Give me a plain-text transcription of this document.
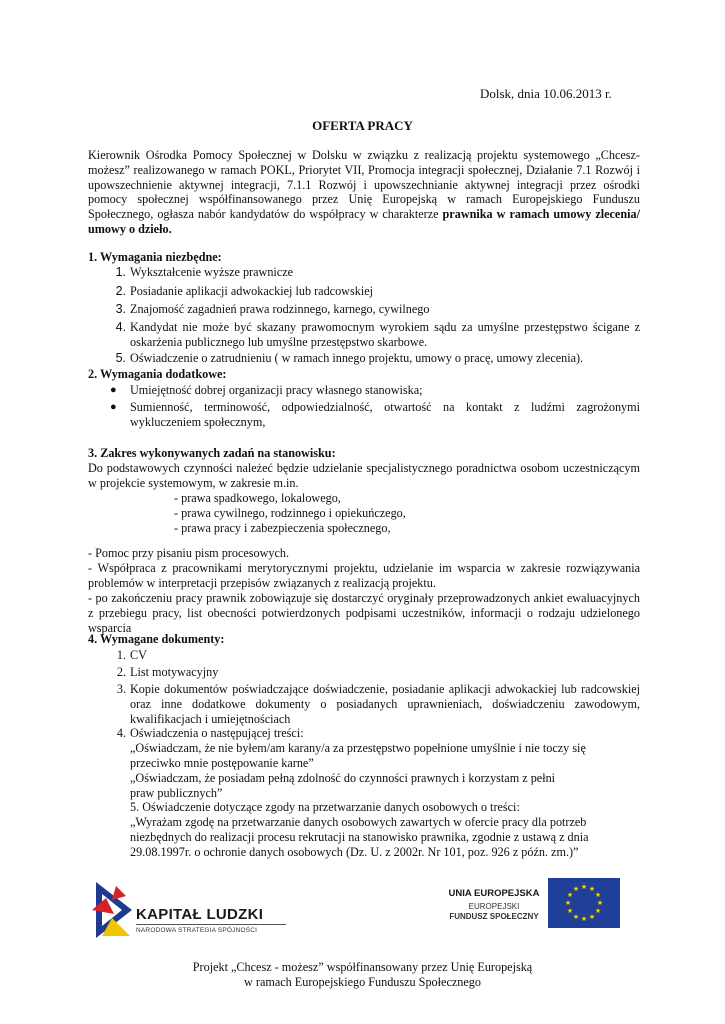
Dolsk, dnia 10.06.2013 r.
OFERTA PRACY
Kierownik Ośrodka Pomocy Społecznej w Dolsku w związku z realizacją projektu systemowego „Chcesz-możesz” realizowanego w ramach POKL, Priorytet VII, Promocja integracji społecznej, Działanie 7.1 Rozwój i upowszechnienie aktywnej integracji, 7.1.1 Rozwój i upowszechnianie aktywnej integracji przez ośrodki pomocy społecznej współfinansowanego przez Unię Europejską w ramach Europejskiego Funduszu Społecznego, ogłasza nabór kandydatów do współpracy w charakterze prawnika w ramach umowy zlecenia/ umowy o dzieło.
1. Wymagania niezbędne:
1. Wykształcenie wyższe prawnicze
2. Posiadanie aplikacji adwokackiej lub radcowskiej
3. Znajomość zagadnień prawa rodzinnego, karnego, cywilnego
4. Kandydat nie może być skazany prawomocnym wyrokiem sądu za umyślne przestępstwo ścigane z oskarżenia publicznego lub umyślne przestępstwo skarbowe.
5. Oświadczenie o zatrudnieniu ( w ramach innego projektu, umowy o pracę, umowy zlecenia).
2. Wymagania dodatkowe:
● Umiejętność dobrej organizacji pracy własnego stanowiska;
● Sumienność, terminowość, odpowiedzialność, otwartość na kontakt z ludźmi zagrożonymi wykluczeniem społecznym,
3. Zakres wykonywanych zadań na stanowisku:
Do podstawowych czynności należeć będzie udzielanie specjalistycznego poradnictwa osobom uczestniczącym w projekcie systemowym, w zakresie m.in.
- prawa spadkowego, lokalowego,
- prawa cywilnego, rodzinnego i opiekuńczego,
- prawa pracy i zabezpieczenia społecznego,
- Pomoc przy pisaniu pism procesowych.
- Współpraca z pracownikami merytorycznymi projektu, udzielanie im wsparcia w zakresie rozwiązywania problemów w interpretacji przepisów związanych z realizacją projektu.
- po zakończeniu pracy prawnik zobowiązuje się dostarczyć oryginały przeprowadzonych ankiet ewaluacyjnych z przebiegu pracy, list obecności potwierdzonych podpisami uczestników, informacji o rodzaju udzielonego wsparcia
4. Wymagane dokumenty:
1. CV
2. List motywacyjny
3. Kopie dokumentów poświadczające doświadczenie, posiadanie aplikacji adwokackiej lub radcowskiej oraz inne dodatkowe dokumenty o posiadanych uprawnieniach, doświadczeniu zawodowym, kwalifikacjach i umiejętnościach
4. Oświadczenia o następującej treści:
„Oświadczam, że nie byłem/am karany/a za przestępstwo popełnione umyślnie i nie toczy się przeciwko mnie postępowanie karne”
„Oświadczam, że posiadam pełną zdolność do czynności prawnych i korzystam z pełni praw publicznych”
5. Oświadczenie dotyczące zgody na przetwarzanie danych osobowych o treści:
„Wyrażam zgodę na przetwarzanie danych osobowych zawartych w ofercie pracy dla potrzeb niezbędnych do realizacji procesu rekrutacji na stanowisko prawnika, zgodnie z ustawą z dnia 29.08.1997r. o ochronie danych osobowych (Dz. U. z 2002r. Nr 101, poz. 926 z późn. zm.)”
KAPITAŁ LUDZKI
NARODOWA STRATEGIA SPÓJNOŚCI
UNIA EUROPEJSKA
EUROPEJSKI
FUNDUSZ SPOŁECZNY
★ ★
★
★
★
★
★
★
★
★
★
★
Projekt „Chcesz - możesz” współfinansowany przez Unię Europejską
w ramach Europejskiego Funduszu Społecznego
